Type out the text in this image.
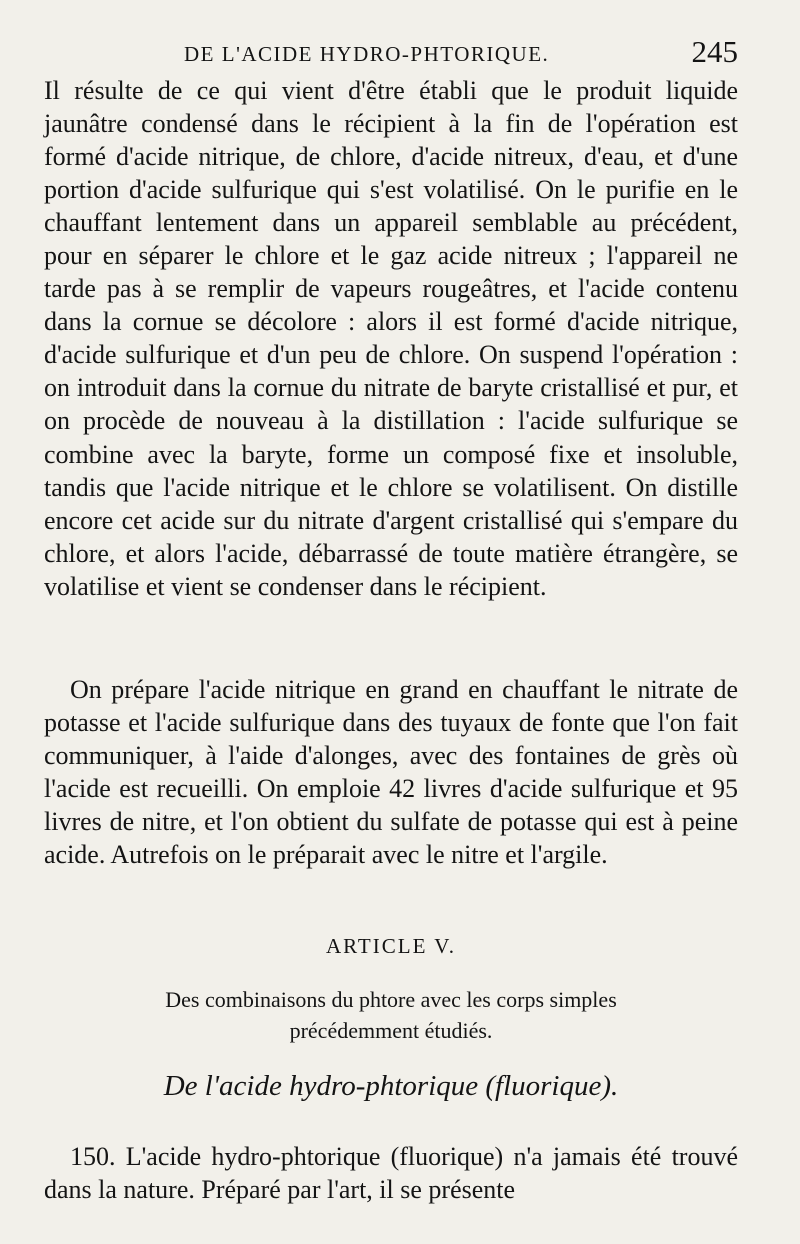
DE L'ACIDE HYDRO-PHTORIQUE.	245

Il résulte de ce qui vient d'être établi que le produit liquide jaunâtre condensé dans le récipient à la fin de l'opération est formé d'acide nitrique, de chlore, d'acide nitreux, d'eau, et d'une portion d'acide sulfurique qui s'est volatilisé. On le purifie en le chauffant lentement dans un appareil semblable au précédent, pour en séparer le chlore et le gaz acide nitreux ; l'appareil ne tarde pas à se remplir de vapeurs rougeâtres, et l'acide contenu dans la cornue se décolore : alors il est formé d'acide nitrique, d'acide sulfurique et d'un peu de chlore. On suspend l'opération : on introduit dans la cornue du nitrate de baryte cristallisé et pur, et on procède de nouveau à la distillation : l'acide sulfurique se combine avec la baryte, forme un composé fixe et insoluble, tandis que l'acide nitrique et le chlore se volatilisent. On distille encore cet acide sur du nitrate d'argent cristallisé qui s'empare du chlore, et alors l'acide, débarrassé de toute matière étrangère, se volatilise et vient se condenser dans le récipient.

On prépare l'acide nitrique en grand en chauffant le nitrate de potasse et l'acide sulfurique dans des tuyaux de fonte que l'on fait communiquer, à l'aide d'alonges, avec des fontaines de grès où l'acide est recueilli. On emploie 42 livres d'acide sulfurique et 95 livres de nitre, et l'on obtient du sulfate de potasse qui est à peine acide. Autrefois on le préparait avec le nitre et l'argile.

ARTICLE V.
Des combinaisons du phtore avec les corps simples
précédemment étudiés.
De l'acide hydro-phtorique (fluorique).

150. L'acide hydro-phtorique (fluorique) n'a jamais été trouvé dans la nature. Préparé par l'art, il se présente
